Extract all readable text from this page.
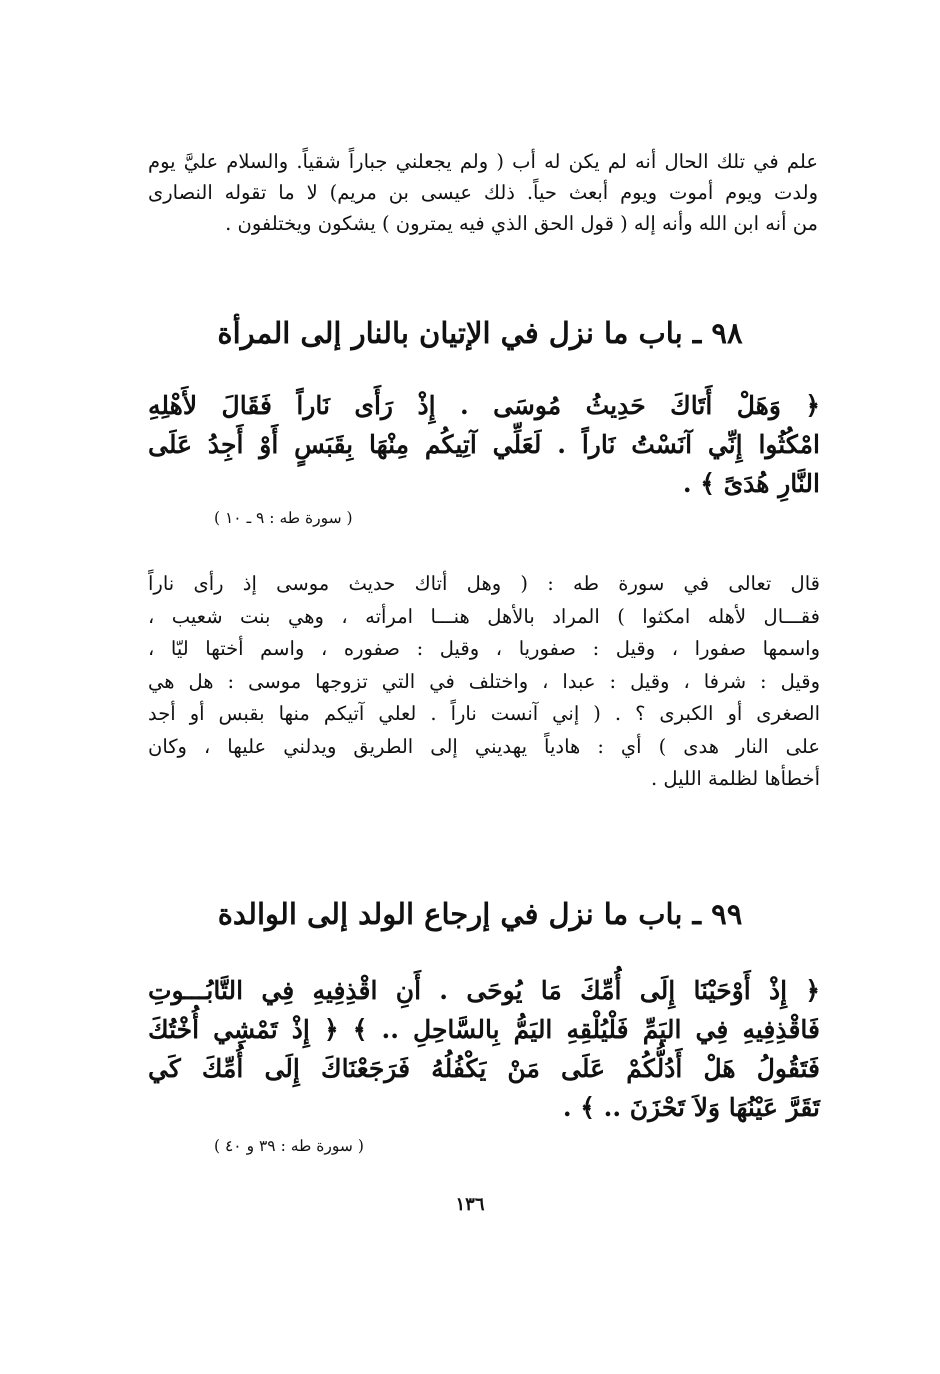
علم في تلك الحال أنه لم يكن له أب ( ولم يجعلني جباراً شقياً. والسلام عليَّ يوم
ولدت ويوم أموت ويوم أبعث حياً. ذلك عيسى بن مريم) لا ما تقوله النصارى
من أنه ابن الله وأنه إله ( قول الحق الذي فيه يمترون ) يشكون ويختلفون .
٩٨ ـ باب ما نزل في الإتيان بالنار إلى المرأة
﴿ وَهَلْ أَتَاكَ حَدِيثُ مُوسَى . إِذْ رَأَى نَاراً فَقَالَ لأَهْلِهِ
امْكُثُوا إِنِّي آنَسْتُ نَاراً . لَعَلِّي آتِيكُم مِنْهَا بِقَبَسٍ أَوْ أَجِدُ عَلَى
النَّارِ هُدَىً ﴾ .
( سورة طه : ٩ ـ ١٠ )
قال تعالى في سورة طه : ( وهل أتاك حديث موسى إذ رأى ناراً
فقـــال لأهله امكثوا ) المراد بالأهل هنـــا امرأته ، وهي بنت شعيب ،
واسمها صفورا ، وقيل : صفوريا ، وقيل : صفوره ، واسم أختها ليّا ،
وقيل : شرفا ، وقيل : عبدا ، واختلف في التي تزوجها موسى : هل هي
الصغرى أو الكبرى ؟ . ( إني آنست ناراً . لعلي آتيكم منها بقبس أو أجد
على النار هدى ) أي : هادياً يهديني إلى الطريق ويدلني عليها ، وكان
أخطأها لظلمة الليل .
٩٩ ـ باب ما نزل في إرجاع الولد إلى الوالدة
﴿ إِذْ أَوْحَيْنَا إِلَى أُمِّكَ مَا يُوحَى . أَنِ اقْذِفِيهِ فِي التَّابُـــوتِ
فَاقْذِفِيهِ فِي اليَمِّ فَلْيُلْقِهِ اليَمُّ بِالسَّاحِلِ .. ﴾ ﴿ إِذْ تَمْشِي أُخْتُكَ
فَتَقُولُ هَلْ أَدُلُّكُمْ عَلَى مَنْ يَكْفُلُهُ فَرَجَعْنَاكَ إِلَى أُمِّكَ كَي
تَقَرَّ عَيْنُهَا وَلاَ تَحْزَنَ .. ﴾ .
( سورة طه : ٣٩ و ٤٠ )
١٣٦
